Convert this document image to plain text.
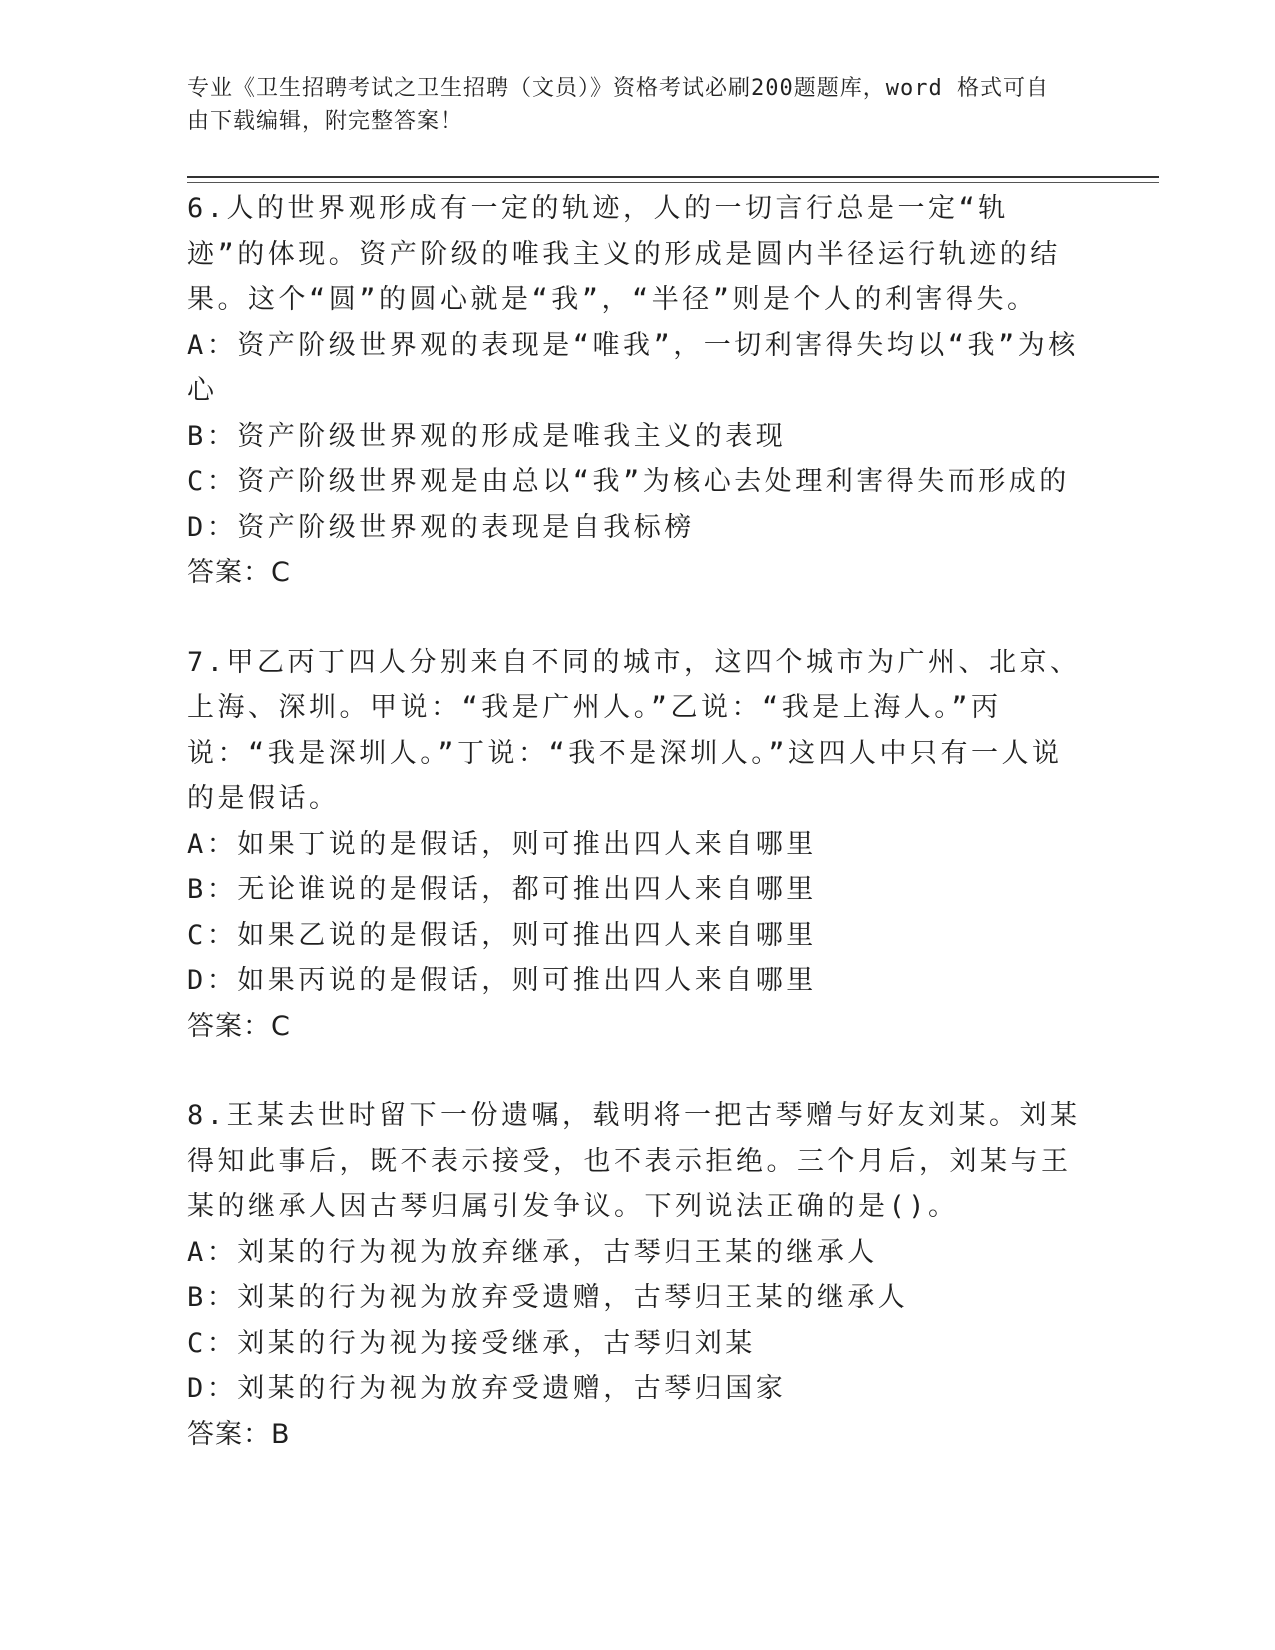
专业《卫生招聘考试之卫生招聘（文员）》资格考试必刷200题题库，word 格式可自由下载编辑，附完整答案！
6.人的世界观形成有一定的轨迹，人的一切言行总是一定“轨迹”的体现。资产阶级的唯我主义的形成是圆内半径运行轨迹的结果。这个“圆”的圆心就是“我”，“半径”则是个人的利害得失。
A：资产阶级世界观的表现是“唯我”，一切利害得失均以“我”为核心
B：资产阶级世界观的形成是唯我主义的表现
C：资产阶级世界观是由总以“我”为核心去处理利害得失而形成的
D：资产阶级世界观的表现是自我标榜
答案：C
7.甲乙丙丁四人分别来自不同的城市，这四个城市为广州、北京、上海、深圳。甲说：“我是广州人。”乙说：“我是上海人。”丙说：“我是深圳人。”丁说：“我不是深圳人。”这四人中只有一人说的是假话。
A：如果丁说的是假话，则可推出四人来自哪里
B：无论谁说的是假话，都可推出四人来自哪里
C：如果乙说的是假话，则可推出四人来自哪里
D：如果丙说的是假话，则可推出四人来自哪里
答案：C
8.王某去世时留下一份遗嘱，载明将一把古琴赠与好友刘某。刘某得知此事后，既不表示接受，也不表示拒绝。三个月后，刘某与王某的继承人因古琴归属引发争议。下列说法正确的是()。
A：刘某的行为视为放弃继承，古琴归王某的继承人
B：刘某的行为视为放弃受遗赠，古琴归王某的继承人
C：刘某的行为视为接受继承，古琴归刘某
D：刘某的行为视为放弃受遗赠，古琴归国家
答案：B
